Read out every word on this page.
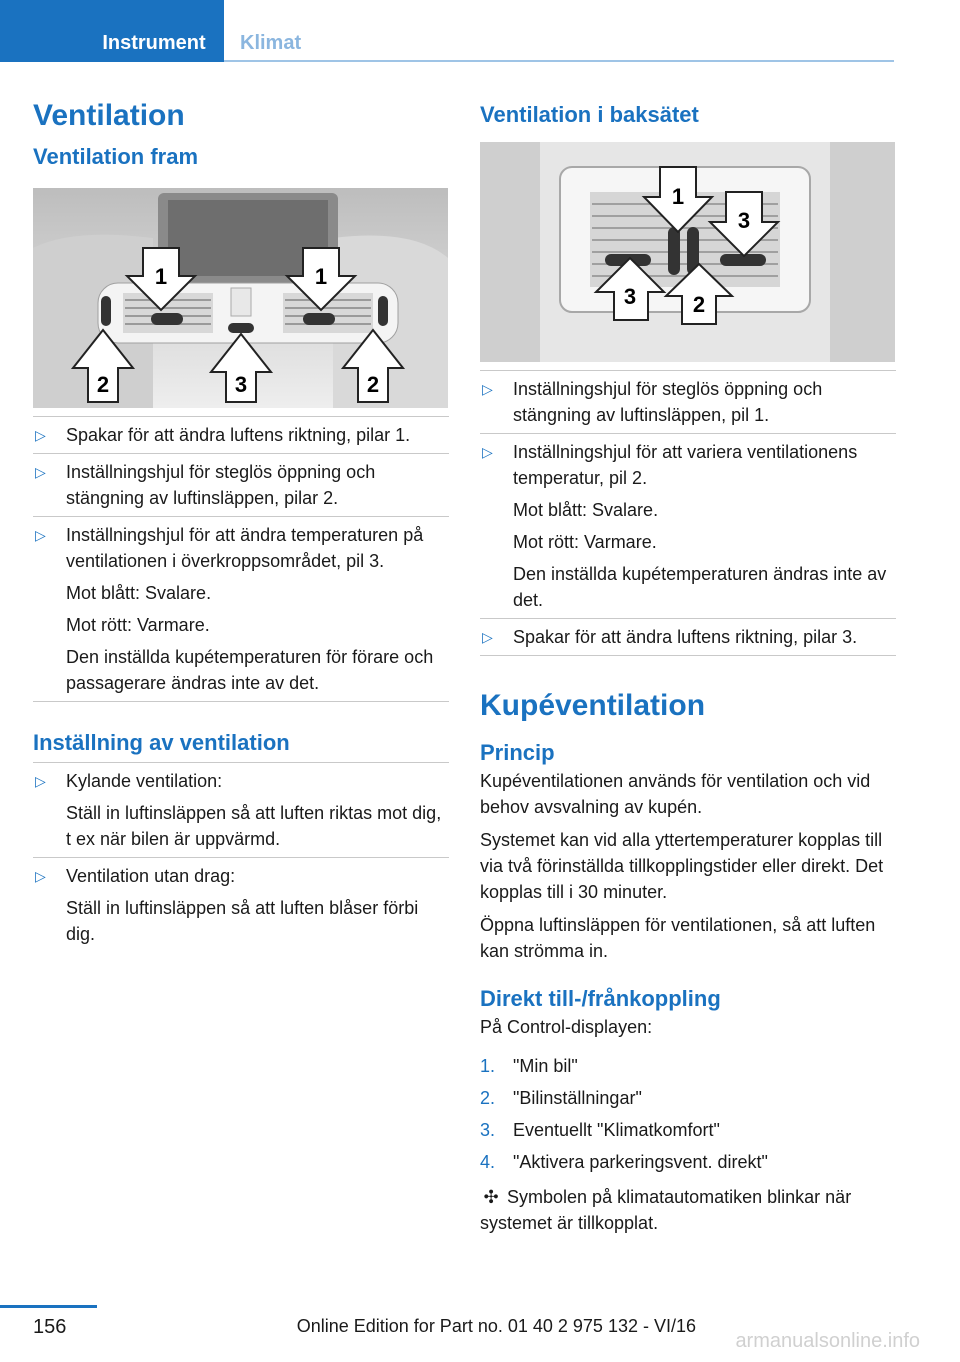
Instrument	Klimat
Ventilation
Ventilation fram
1	1
2	3	2
▷ Spakar för att ändra luftens riktning, pilar 1.
▷ Inställningshjul för steglös öppning och stängning av luftinsläppen, pilar 2.
▷ Inställningshjul för att ändra temperaturen på ventilationen i överkroppsområdet, pil 3.

Mot blått: Svalare.

Mot rött: Varmare.

Den inställda kupétemperaturen för förare och passagerare ändras inte av det.

Inställning av ventilation
▷ Kylande ventilation:

Ställ in luftinsläppen så att luften riktas mot dig, t ex när bilen är uppvärmd.

▷ Ventilation utan drag:

Ställ in luftinsläppen så att luften blåser förbi dig.

Ventilation i baksätet
1
3
3	2
▷ Inställningshjul för steglös öppning och stängning av luftinsläppen, pil 1.
▷ Inställningshjul för att variera ventilationens temperatur, pil 2.

Mot blått: Svalare.

Mot rött: Varmare.

Den inställda kupétemperaturen ändras inte av det.

▷ Spakar för att ändra luftens riktning, pilar 3.
Kupéventilation
Princip

Kupéventilationen används för ventilation och vid behov avsvalning av kupén.

Systemet kan vid alla yttertemperaturer kopplas till via två förinställda tillkopplingstider eller direkt. Det kopplas till i 30 minuter.

Öppna luftinsläppen för ventilationen, så att luften kan strömma in.

Direkt till-/frånkoppling

På Control-displayen:

1. "Min bil"
2. "Bilinställningar"
3. Eventuellt "Klimatkomfort"
4. "Aktivera parkeringsvent. direkt"

✣ Symbolen på klimatautomatiken blinkar när systemet är tillkopplat.

156	Online Edition for Part no. 01 40 2 975 132 - VI/16
armanualsonline.info
